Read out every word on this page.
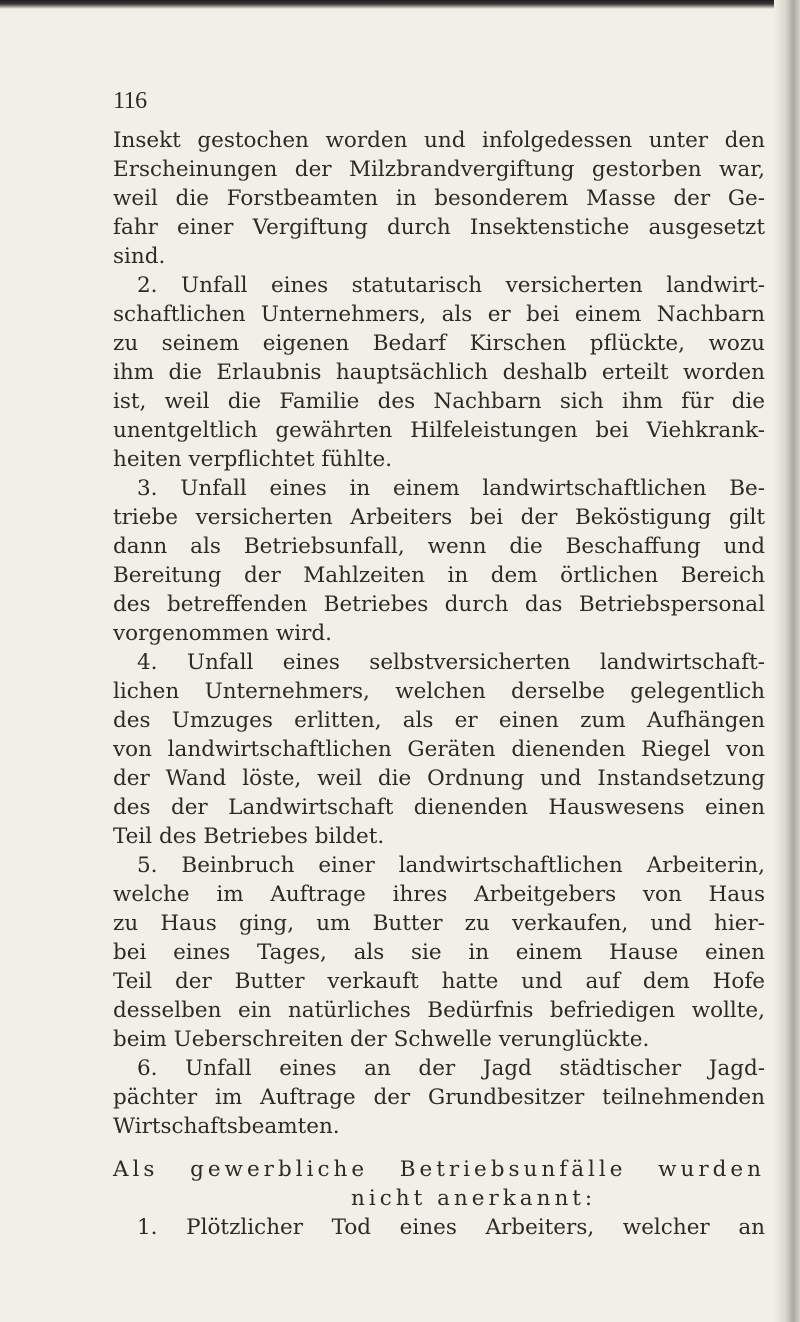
116
Insekt gestochen worden und infolgedessen unter den
Erscheinungen der Milzbrandvergiftung gestorben war,
weil die Forstbeamten in besonderem Masse der Ge-
fahr einer Vergiftung durch Insektenstiche ausgesetzt
sind.
2. Unfall eines statutarisch versicherten landwirt-
schaftlichen Unternehmers, als er bei einem Nachbarn
zu seinem eigenen Bedarf Kirschen pflückte, wozu
ihm die Erlaubnis hauptsächlich deshalb erteilt worden
ist, weil die Familie des Nachbarn sich ihm für die
unentgeltlich gewährten Hilfeleistungen bei Viehkrank-
heiten verpflichtet fühlte.
3. Unfall eines in einem landwirtschaftlichen Be-
triebe versicherten Arbeiters bei der Beköstigung gilt
dann als Betriebsunfall, wenn die Beschaffung und
Bereitung der Mahlzeiten in dem örtlichen Bereich
des betreffenden Betriebes durch das Betriebspersonal
vorgenommen wird.
4. Unfall eines selbstversicherten landwirtschaft-
lichen Unternehmers, welchen derselbe gelegentlich
des Umzuges erlitten, als er einen zum Aufhängen
von landwirtschaftlichen Geräten dienenden Riegel von
der Wand löste, weil die Ordnung und Instandsetzung
des der Landwirtschaft dienenden Hauswesens einen
Teil des Betriebes bildet.
5. Beinbruch einer landwirtschaftlichen Arbeiterin,
welche im Auftrage ihres Arbeitgebers von Haus
zu Haus ging, um Butter zu verkaufen, und hier-
bei eines Tages, als sie in einem Hause einen
Teil der Butter verkauft hatte und auf dem Hofe
desselben ein natürliches Bedürfnis befriedigen wollte,
beim Ueberschreiten der Schwelle verunglückte.
6. Unfall eines an der Jagd städtischer Jagd-
pächter im Auftrage der Grundbesitzer teilnehmenden
Wirtschaftsbeamten.
Als gewerbliche Betriebsunfälle wurden
nicht anerkannt:
1. Plötzlicher Tod eines Arbeiters, welcher an
